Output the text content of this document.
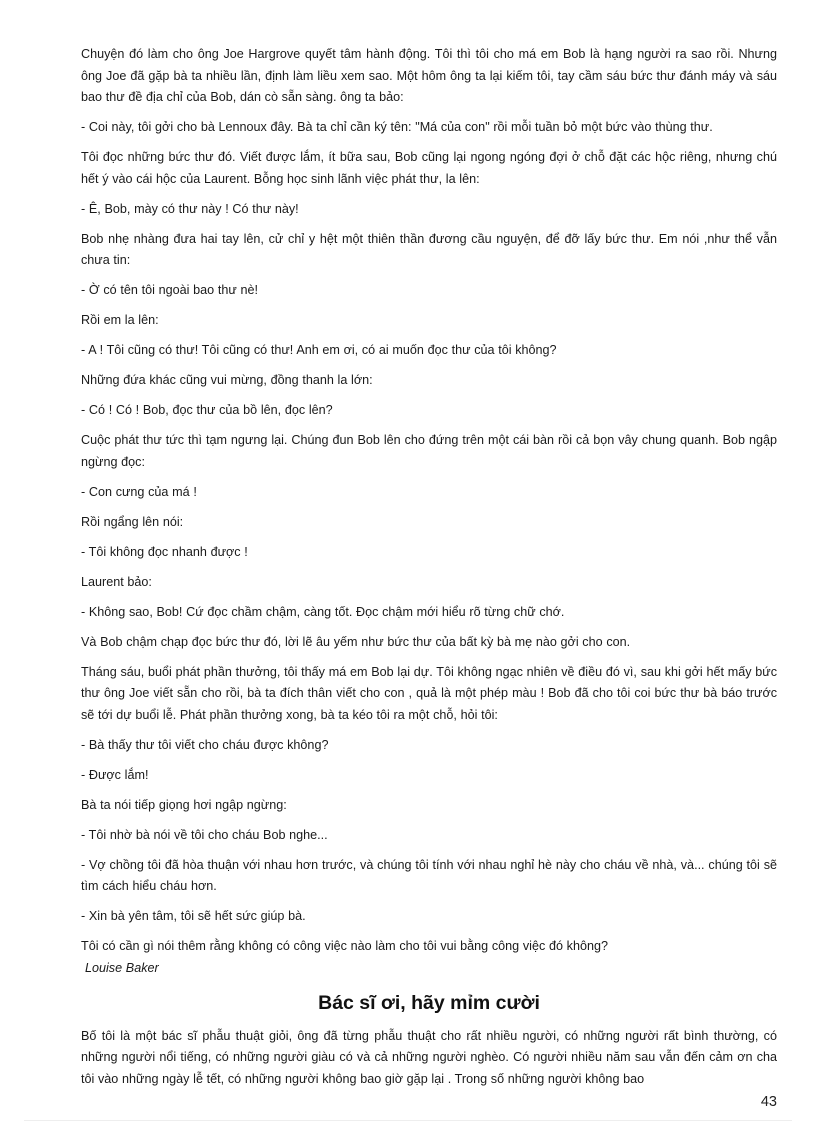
Chuyện đó làm cho ông Joe Hargrove quyết tâm hành động. Tôi thì tôi cho má em Bob là hạng người ra sao rồi. Nhưng ông Joe đã gặp bà ta nhiều lần, định làm liều xem sao. Một hôm ông ta lại kiếm tôi, tay cầm sáu bức thư đánh máy và sáu bao thư đề địa chỉ của Bob, dán cò sẵn sàng. ông ta bảo:

- Coi này, tôi gởi cho bà Lennoux đây. Bà ta chỉ cần ký tên: "Má của con" rồi mỗi tuần bỏ một bức vào thùng thư.

Tôi đọc những bức thư đó. Viết được lắm, ít bữa sau, Bob cũng lại ngong ngóng đợi ở chỗ đặt các hộc riêng, nhưng chú hết ý vào cái hộc của Laurent. Bỗng học sinh lãnh việc phát thư, la lên:

- Ê, Bob, mày có thư này ! Có thư này!

Bob nhẹ nhàng đưa hai tay lên, cử chỉ y hệt một thiên thần đương cầu nguyện, để đỡ lấy bức thư. Em nói ,như thể vẫn chưa tin:

- Ờ có tên tôi ngoài bao thư nè!

Rồi em la lên:

- A ! Tôi cũng có thư! Tôi cũng có thư! Anh em ơi, có ai muốn đọc thư của tôi không?

Những đứa khác cũng vui mừng, đồng thanh la lớn:

- Có ! Có ! Bob, đọc thư của bồ lên, đọc lên?

Cuộc phát thư tức thì tạm ngưng lại. Chúng đun Bob lên cho đứng trên một cái bàn rồi cả bọn vây chung quanh. Bob ngập ngừng đọc:

- Con cưng của má !

Rồi ngẩng lên nói:

- Tôi không đọc nhanh được !

Laurent bảo:

- Không sao, Bob! Cứ đọc chầm chậm, càng tốt. Đọc chậm mới hiểu rõ từng chữ chớ.

Và Bob chậm chạp đọc bức thư đó, lời lẽ âu yếm như bức thư của bất kỳ bà mẹ nào gởi cho con.

Tháng sáu, buổi phát phần thưởng, tôi thấy má em Bob lại dự. Tôi không ngạc nhiên về điều đó vì, sau khi gởi hết mấy bức thư ông Joe viết sẵn cho rồi, bà ta đích thân viết cho con , quả là một phép màu ! Bob đã cho tôi coi bức thư bà báo trước sẽ tới dự buổi lễ. Phát phần thưởng xong, bà ta kéo tôi ra một chỗ, hỏi tôi:

- Bà thấy thư tôi viết cho cháu được không?

- Được lắm!

Bà ta nói tiếp giọng hơi ngập ngừng:

- Tôi nhờ bà nói về tôi cho cháu Bob nghe...

- Vợ chồng tôi đã hòa thuận với nhau hơn trước, và chúng tôi tính với nhau nghỉ hè này cho cháu về nhà, và... chúng tôi sẽ tìm cách hiểu cháu hơn.

- Xin bà yên tâm, tôi sẽ hết sức giúp bà.

Tôi có cần gì nói thêm rằng không có công việc nào làm cho tôi vui bằng công việc đó không?
Louise Baker

Bác sĩ ơi, hãy mỉm cười

Bố tôi là một bác sĩ phẫu thuật giỏi, ông đã từng phẫu thuật cho rất nhiều người, có những người rất bình thường, có những người nổi tiếng, có những người giàu có và cả những người nghèo. Có người nhiều năm sau vẫn đến cảm ơn cha tôi vào những ngày lễ tết, có những người không bao giờ gặp lại . Trong số những người không bao

43
